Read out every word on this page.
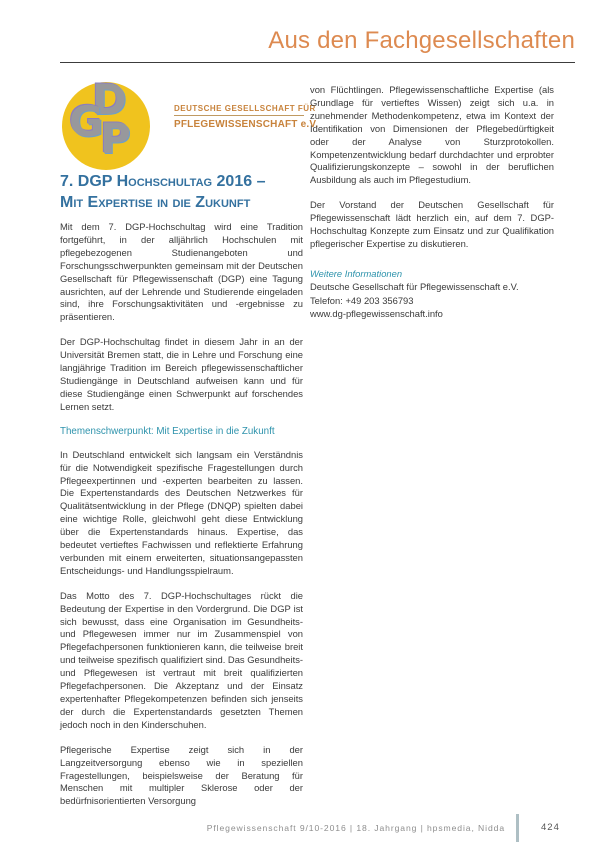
Aus den Fachgesellschaften
D
G
P
DEUTSCHE GESELLSCHAFT FÜR
PFLEGEWISSENSCHAFT e.V.
7. DGP Hochschultag 2016 –
Mit Expertise in die Zukunft

Mit dem 7. DGP-Hochschultag wird eine Tradition fortgeführt, in der alljährlich Hochschulen mit pflegebezogenen Studienangeboten und Forschungsschwerpunkten gemeinsam mit der Deutschen Gesellschaft für Pflegewissenschaft (DGP) eine Tagung ausrichten, auf der Lehrende und Studierende eingeladen sind, ihre Forschungsaktivitäten und -ergebnisse zu präsentieren.

Der DGP-Hochschultag findet in diesem Jahr in an der Universität Bremen statt, die in Lehre und Forschung eine langjährige Tradition im Bereich pflegewissenschaftlicher Studiengänge in Deutschland aufweisen kann und für diese Studiengänge einen Schwerpunkt auf forschendes Lernen setzt.

Themenschwerpunkt: Mit Expertise in die Zukunft

In Deutschland entwickelt sich langsam ein Verständnis für die Notwendigkeit spezifische Fragestellungen durch Pflegeexpertinnen und -experten bearbeiten zu lassen. Die Expertenstandards des Deutschen Netzwerkes für Qualitätsentwicklung in der Pflege (DNQP) spielten dabei eine wichtige Rolle, gleichwohl geht diese Entwicklung über die Expertenstandards hinaus. Expertise, das bedeutet vertieftes Fachwissen und reflektierte Erfahrung verbunden mit einem erweiterten, situationsangepassten Entscheidungs- und Handlungsspielraum.

Das Motto des 7. DGP-Hochschultages rückt die Bedeutung der Expertise in den Vordergrund. Die DGP ist sich bewusst, dass eine Organisation im Gesundheits- und Pflegewesen immer nur im Zusammenspiel von Pflegefachpersonen funktionieren kann, die teilweise breit und teilweise spezifisch qualifiziert sind. Das Gesundheits- und Pflegewesen ist vertraut mit breit qualifizierten Pflegefachpersonen. Die Akzeptanz und der Einsatz expertenhafter Pflegekompetenzen befinden sich jenseits der durch die Expertenstandards gesetzten Themen jedoch noch in den Kinderschuhen.

Pflegerische Expertise zeigt sich in der Langzeitversorgung ebenso wie in speziellen Fragestellungen, beispielsweise der Beratung für Menschen mit multipler Sklerose oder der bedürfnisorientierten Versorgung

von Flüchtlingen. Pflegewissenschaftliche Expertise (als Grundlage für vertieftes Wissen) zeigt sich u.a. in zunehmender Methodenkompetenz, etwa im Kontext der Identifikation von Dimensionen der Pflegebedürftigkeit oder der Analyse von Sturzprotokollen. Kompetenzentwicklung bedarf durchdachter und erprobter Qualifizierungskonzepte – sowohl in der beruflichen Ausbildung als auch im Pflegestudium.

Der Vorstand der Deutschen Gesellschaft für Pflegewissenschaft lädt herzlich ein, auf dem 7. DGP-Hochschultag Konzepte zum Einsatz und zur Qualifikation pflegerischer Expertise zu diskutieren.

Weitere Informationen
Deutsche Gesellschaft für Pflegewissenschaft e.V.
Telefon: +49 203 356793
www.dg-pflegewissenschaft.info
Pflegewissenschaft 9/10-2016 | 18. Jahrgang | hpsmedia, Nidda	424
